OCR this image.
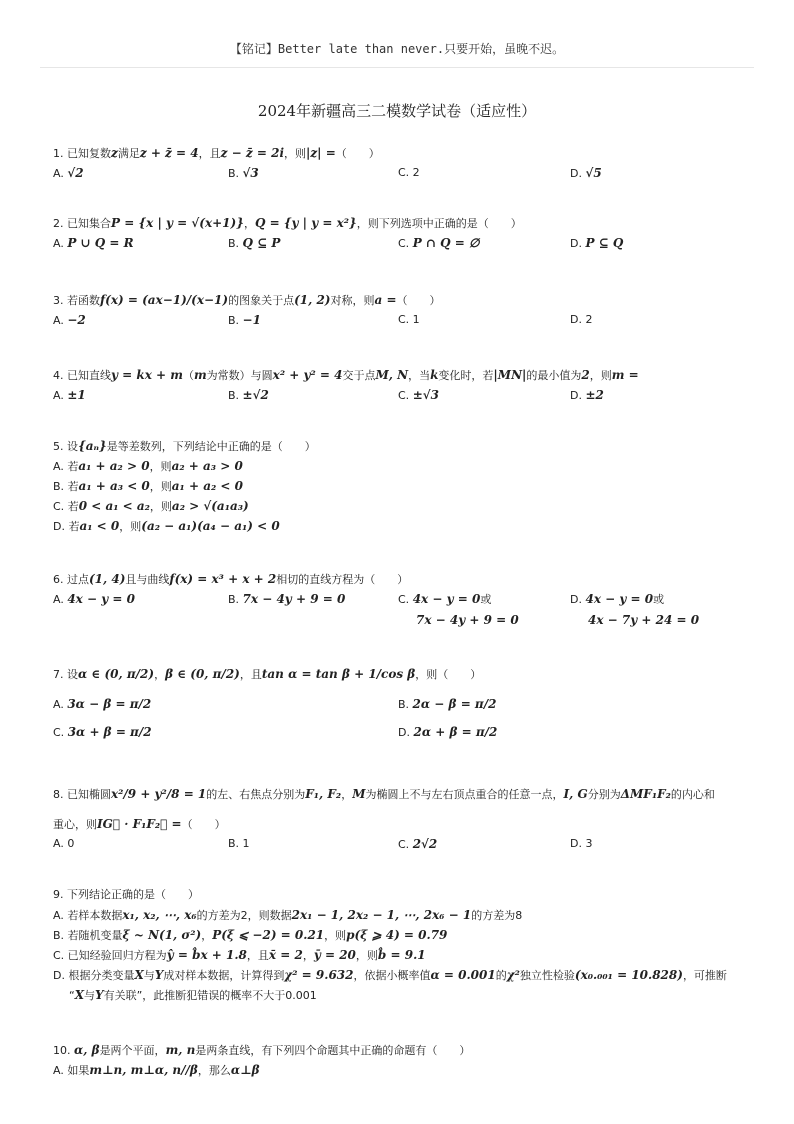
【铭记】Better late than never.只要开始，虽晚不迟。
2024年新疆高三二模数学试卷（适应性）
1. 已知复数z满足z + z̄ = 4，且z − z̄ = 2i，则|z| =（　　）
A. √2	B. √3	C. 2	D. √5
2. 已知集合P = {x | y = √(x+1)}，Q = {y | y = x²}，则下列选项中正确的是（　　）
A. P ∪ Q = R	B. Q ⊆ P	C. P ∩ Q = ∅	D. P ⊆ Q
3. 若函数f(x) = (ax−1)/(x−1)的图象关于点(1, 2)对称，则a =（　　）
A. −2	B. −1	C. 1	D. 2
4. 已知直线y = kx + m（m为常数）与圆x² + y² = 4交于点M, N，当k变化时，若|MN|的最小值为2，则m =
A. ±1	B. ±√2	C. ±√3	D. ±2
5. 设{aₙ}是等差数列，下列结论中正确的是（　　）
A. 若a₁ + a₂ > 0，则a₂ + a₃ > 0
B. 若a₁ + a₃ < 0，则a₁ + a₂ < 0
C. 若0 < a₁ < a₂，则a₂ > √(a₁a₃)
D. 若a₁ < 0，则(a₂ − a₁)(a₄ − a₁) < 0
6. 过点(1, 4)且与曲线f(x) = x³ + x + 2相切的直线方程为（　　）
A. 4x − y = 0	B. 7x − 4y + 9 = 0	C. 4x − y = 0或
7x − 4y + 9 = 0
D. 4x − y = 0或
4x − 7y + 24 = 0
7. 设α ∈ (0, π/2)，β ∈ (0, π/2)，且tan α = tan β + 1/cos β，则（　　）
A. 3α − β = π/2	B. 2α − β = π/2
C. 3α + β = π/2	D. 2α + β = π/2
8. 已知椭圆x²/9 + y²/8 = 1的左、右焦点分别为F₁, F₂，M为椭圆上不与左右顶点重合的任意一点，I, G分别为ΔMF₁F₂的内心和
重心，则IG⃗ · F₁F₂⃗ =（　　）
A. 0	B. 1	C. 2√2	D. 3
9. 下列结论正确的是（　　）
A. 若样本数据x₁, x₂, ⋯, x₆的方差为2，则数据2x₁ − 1, 2x₂ − 1, ⋯, 2x₆ − 1的方差为8
B. 若随机变量ξ ~ N(1, σ²)，P(ξ ⩽ −2) = 0.21，则p(ξ ⩾ 4) = 0.79
C. 已知经验回归方程为ŷ = b̂x + 1.8，且x̄ = 2，ȳ = 20，则b̂ = 9.1
D. 根据分类变量X与Y成对样本数据，计算得到χ² = 9.632，依据小概率值α = 0.001的χ²独立性检验(x₀.₀₀₁ = 10.828)，可推断
“X与Y有关联”，此推断犯错误的概率不大于0.001
10. α, β是两个平面，m, n是两条直线，有下列四个命题其中正确的命题有（　　）
A. 如果m⊥n, m⊥α, n//β，那么α⊥β
